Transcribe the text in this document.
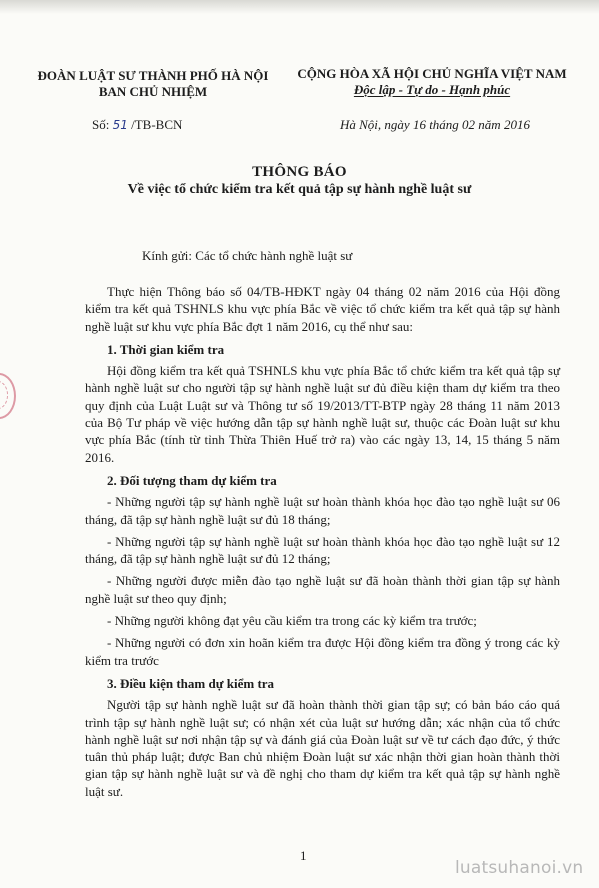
ĐOÀN LUẬT SƯ THÀNH PHỐ HÀ NỘI
BAN CHỦ NHIỆM
CỘNG HÒA XÃ HỘI CHỦ NGHĨA VIỆT NAM
Độc lập - Tự do - Hạnh phúc
Số: 51 /TB-BCN	Hà Nội, ngày 16 tháng 02 năm 2016
THÔNG BÁO
Về việc tổ chức kiểm tra kết quả tập sự hành nghề luật sư
Kính gửi: Các tổ chức hành nghề luật sư

Thực hiện Thông báo số 04/TB-HĐKT ngày 04 tháng 02 năm 2016 của Hội đồng kiểm tra kết quả TSHNLS khu vực phía Bắc về việc tổ chức kiểm tra kết quả tập sự hành nghề luật sư khu vực phía Bắc đợt 1 năm 2016, cụ thể như sau:

1. Thời gian kiểm tra

Hội đồng kiểm tra kết quả TSHNLS khu vực phía Bắc tổ chức kiểm tra kết quả tập sự hành nghề luật sư cho người tập sự hành nghề luật sư đủ điều kiện tham dự kiểm tra theo quy định của Luật Luật sư và Thông tư số 19/2013/TT-BTP ngày 28 tháng 11 năm 2013 của Bộ Tư pháp về việc hướng dẫn tập sự hành nghề luật sư, thuộc các Đoàn luật sư khu vực phía Bắc (tính từ tỉnh Thừa Thiên Huế trở ra) vào các ngày 13, 14, 15 tháng 5 năm 2016.

2. Đối tượng tham dự kiểm tra

- Những người tập sự hành nghề luật sư hoàn thành khóa học đào tạo nghề luật sư 06 tháng, đã tập sự hành nghề luật sư đủ 18 tháng;

- Những người tập sự hành nghề luật sư hoàn thành khóa học đào tạo nghề luật sư 12 tháng, đã tập sự hành nghề luật sư đủ 12 tháng;

- Những người được miễn đào tạo nghề luật sư đã hoàn thành thời gian tập sự hành nghề luật sư theo quy định;

- Những người không đạt yêu cầu kiểm tra trong các kỳ kiểm tra trước;

- Những người có đơn xin hoãn kiểm tra được Hội đồng kiểm tra đồng ý trong các kỳ kiểm tra trước

3. Điều kiện tham dự kiểm tra

Người tập sự hành nghề luật sư đã hoàn thành thời gian tập sự; có bản báo cáo quá trình tập sự hành nghề luật sư; có nhận xét của luật sư hướng dẫn; xác nhận của tổ chức hành nghề luật sư nơi nhận tập sự và đánh giá của Đoàn luật sư về tư cách đạo đức, ý thức tuân thủ pháp luật; được Ban chủ nhiệm Đoàn luật sư xác nhận thời gian hoàn thành thời gian tập sự hành nghề luật sư và đề nghị cho tham dự kiểm tra kết quả tập sự hành nghề luật sư.

1
luatsuhanoi.vn
